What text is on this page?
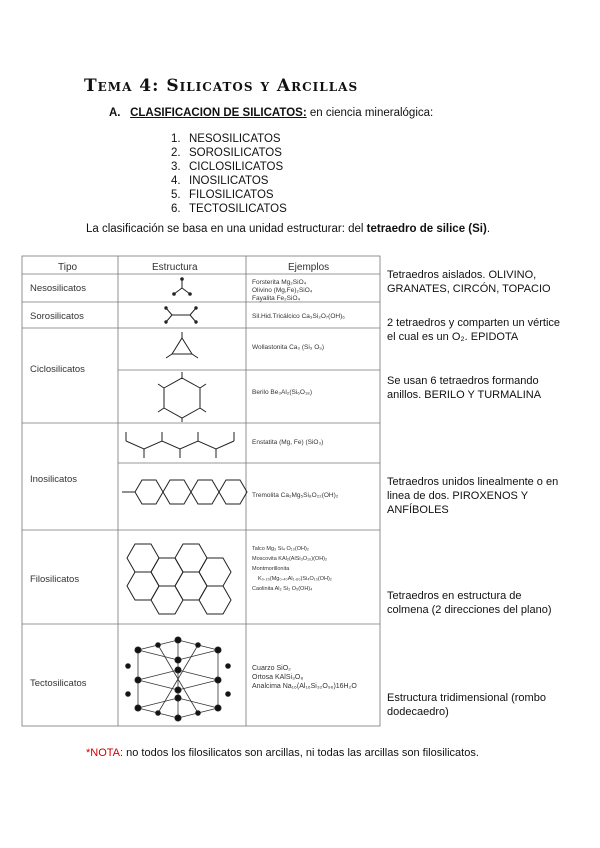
Tema 4: Silicatos y Arcillas
A. CLASIFICACION DE SILICATOS: en ciencia mineralógica:
1. NESOSILICATOS
2. SOROSILICATOS
3. CICLOSILICATOS
4. INOSILICATOS
5. FILOSILICATOS
6. TECTOSILICATOS
La clasificación se basa en una unidad estructurar: del tetraedro de silice (Si).
Tipo	Estructura	Ejemplos
Nesosilicatos
Sorosilicatos
Ciclosilicatos
Inosilicatos
Filosilicatos
Tectosilicatos
Forsterita Mg₂SiO₄
Olivino (Mg,Fe)₂SiO₄
Fayalita Fe₂SiO₄
Sil.Hid.Tricálcico Ca₃Si₂O₇(OH)₆
Wollastonita Ca₃ (Si₃ O₉)
Berilo Be₃Al₂(Si₆O₁₈)
Enstatita (Mg, Fe) (SiO₃)
Tremolita Ca₂Mg₅Si₈O₂₂(OH)₂
Talco Mg₃ Si₄ O₁₀(OH)₂
Moscovita KAl₂(AlSi₃O₁₀)(OH)₂
Montmorillonita
K₀.₂₀(Mg₀.₄₀Al₁.₆₀)Si₄O₁₀(OH)₂
Caolinita Al₂ Si₂ O₅(OH)₄
Cuarzo SiO₂
Ortosa KAlSi₃O₈
Analcima Na₁₆(Al₁₆Si₃₂O₉₆)16H₂O
Tetraedros aislados. OLIVINO, GRANATES, CIRCÓN, TOPACIO
2 tetraedros y comparten un vértice el cual es un O₂. EPIDOTA
Se usan 6 tetraedros formando anillos. BERILO Y TURMALINA
Tetraedros unidos linealmente o en linea de dos. PIROXENOS Y ANFÍBOLES
Tetraedros en estructura de colmena (2 direcciones del plano)
Estructura tridimensional (rombo dodecaedro)
*NOTA: no todos los filosilicatos son arcillas, ni todas las arcillas son filosilicatos.
